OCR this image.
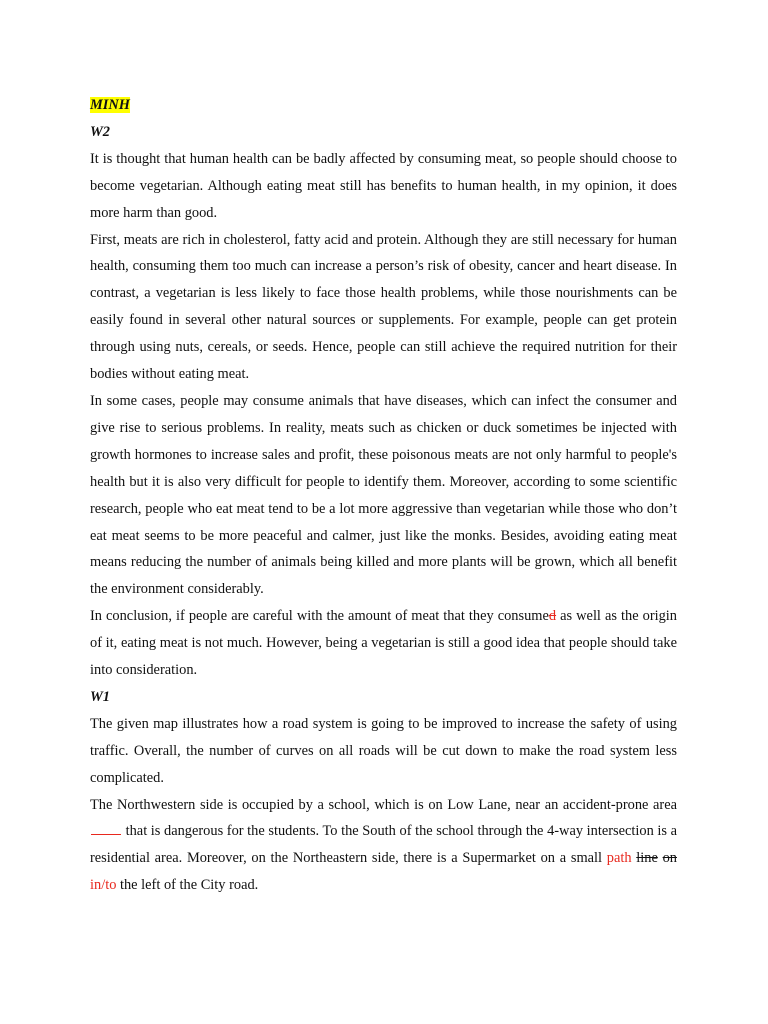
MINH
W2

It is thought that human health can be badly affected by consuming meat, so people should choose to become vegetarian. Although eating meat still has benefits to human health, in my opinion, it does more harm than good.

First, meats are rich in cholesterol, fatty acid and protein. Although they are still necessary for human health, consuming them too much can increase a person’s risk of obesity, cancer and heart disease. In contrast, a vegetarian is less likely to face those health problems, while those nourishments can be easily found in several other natural sources or supplements. For example, people can get protein through using nuts, cereals, or seeds. Hence, people can still achieve the required nutrition for their bodies without eating meat.

In some cases, people may consume animals that have diseases, which can infect the consumer and give rise to serious problems. In reality, meats such as chicken or duck sometimes be injected with growth hormones to increase sales and profit, these poisonous meats are not only harmful to people's health but it is also very difficult for people to identify them. Moreover, according to some scientific research, people who eat meat tend to be a lot more aggressive than vegetarian while those who don’t eat meat seems to be more peaceful and calmer, just like the monks. Besides, avoiding eating meat means reducing the number of animals being killed and more plants will be grown, which all benefit the environment considerably.

In conclusion, if people are careful with the amount of meat that they consumed as well as the origin of it, eating meat is not much. However, being a vegetarian is still a good idea that people should take into consideration.

W1

The given map illustrates how a road system is going to be improved to increase the safety of using traffic. Overall, the number of curves on all roads will be cut down to make the road system less complicated.

The Northwestern side is occupied by a school, which is on Low Lane, near an accident-prone area  that is dangerous for the students. To the South of the school through the 4-way intersection is a residential area. Moreover, on the Northeastern side, there is a Supermarket on a small path line on in/to the left of the City road.
